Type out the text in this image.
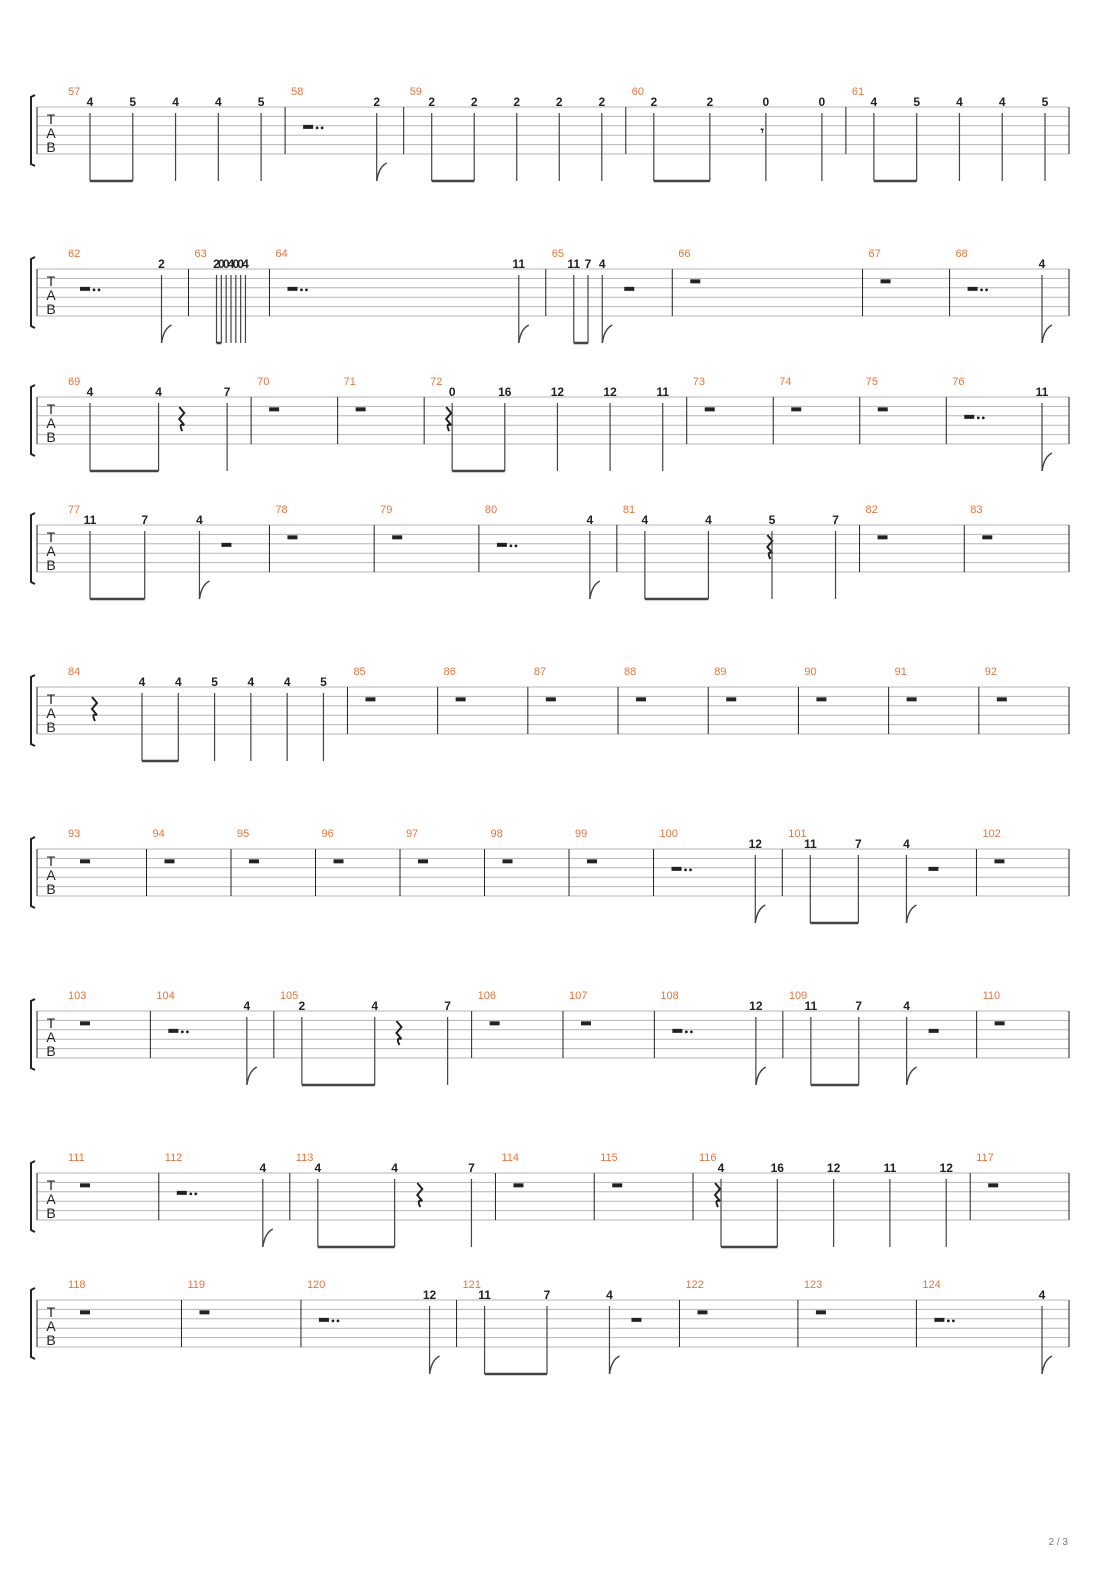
T
A
B
57
4	5	4	4	5
58
2
59
2	2	2	2	2
60
𝄾
2	2	0	0
61
4	5	4	4	5
T
A
B
62
2
63
2
0
0
4
0
0
4
64
11
65
11 7 4
66	67	68
4
T
A
B
69
4	4	7
70	71	72
0	16	12	12	11
73	74	75	76
11
T
A
B
77
11	7	4
78	79	80
4
81
4	4	5	7
82	83
T
A
B
84
4 4 5 4 4 5
85	86	87	88	89	90	91	92
T
A
B
93	94	95	96	97	98	99	100
12
101
11	7	4
102
T
A
B
103	104
4
105
2	4	7
106	107	108
12
109
11	7	4
110
T
A
B
111	112
4
113
4	4	7
114	115	116
4	16	12	11	12
117
T
A
B
118	119	120
12
121
11	7	4
122	123	124
4
2 / 3
